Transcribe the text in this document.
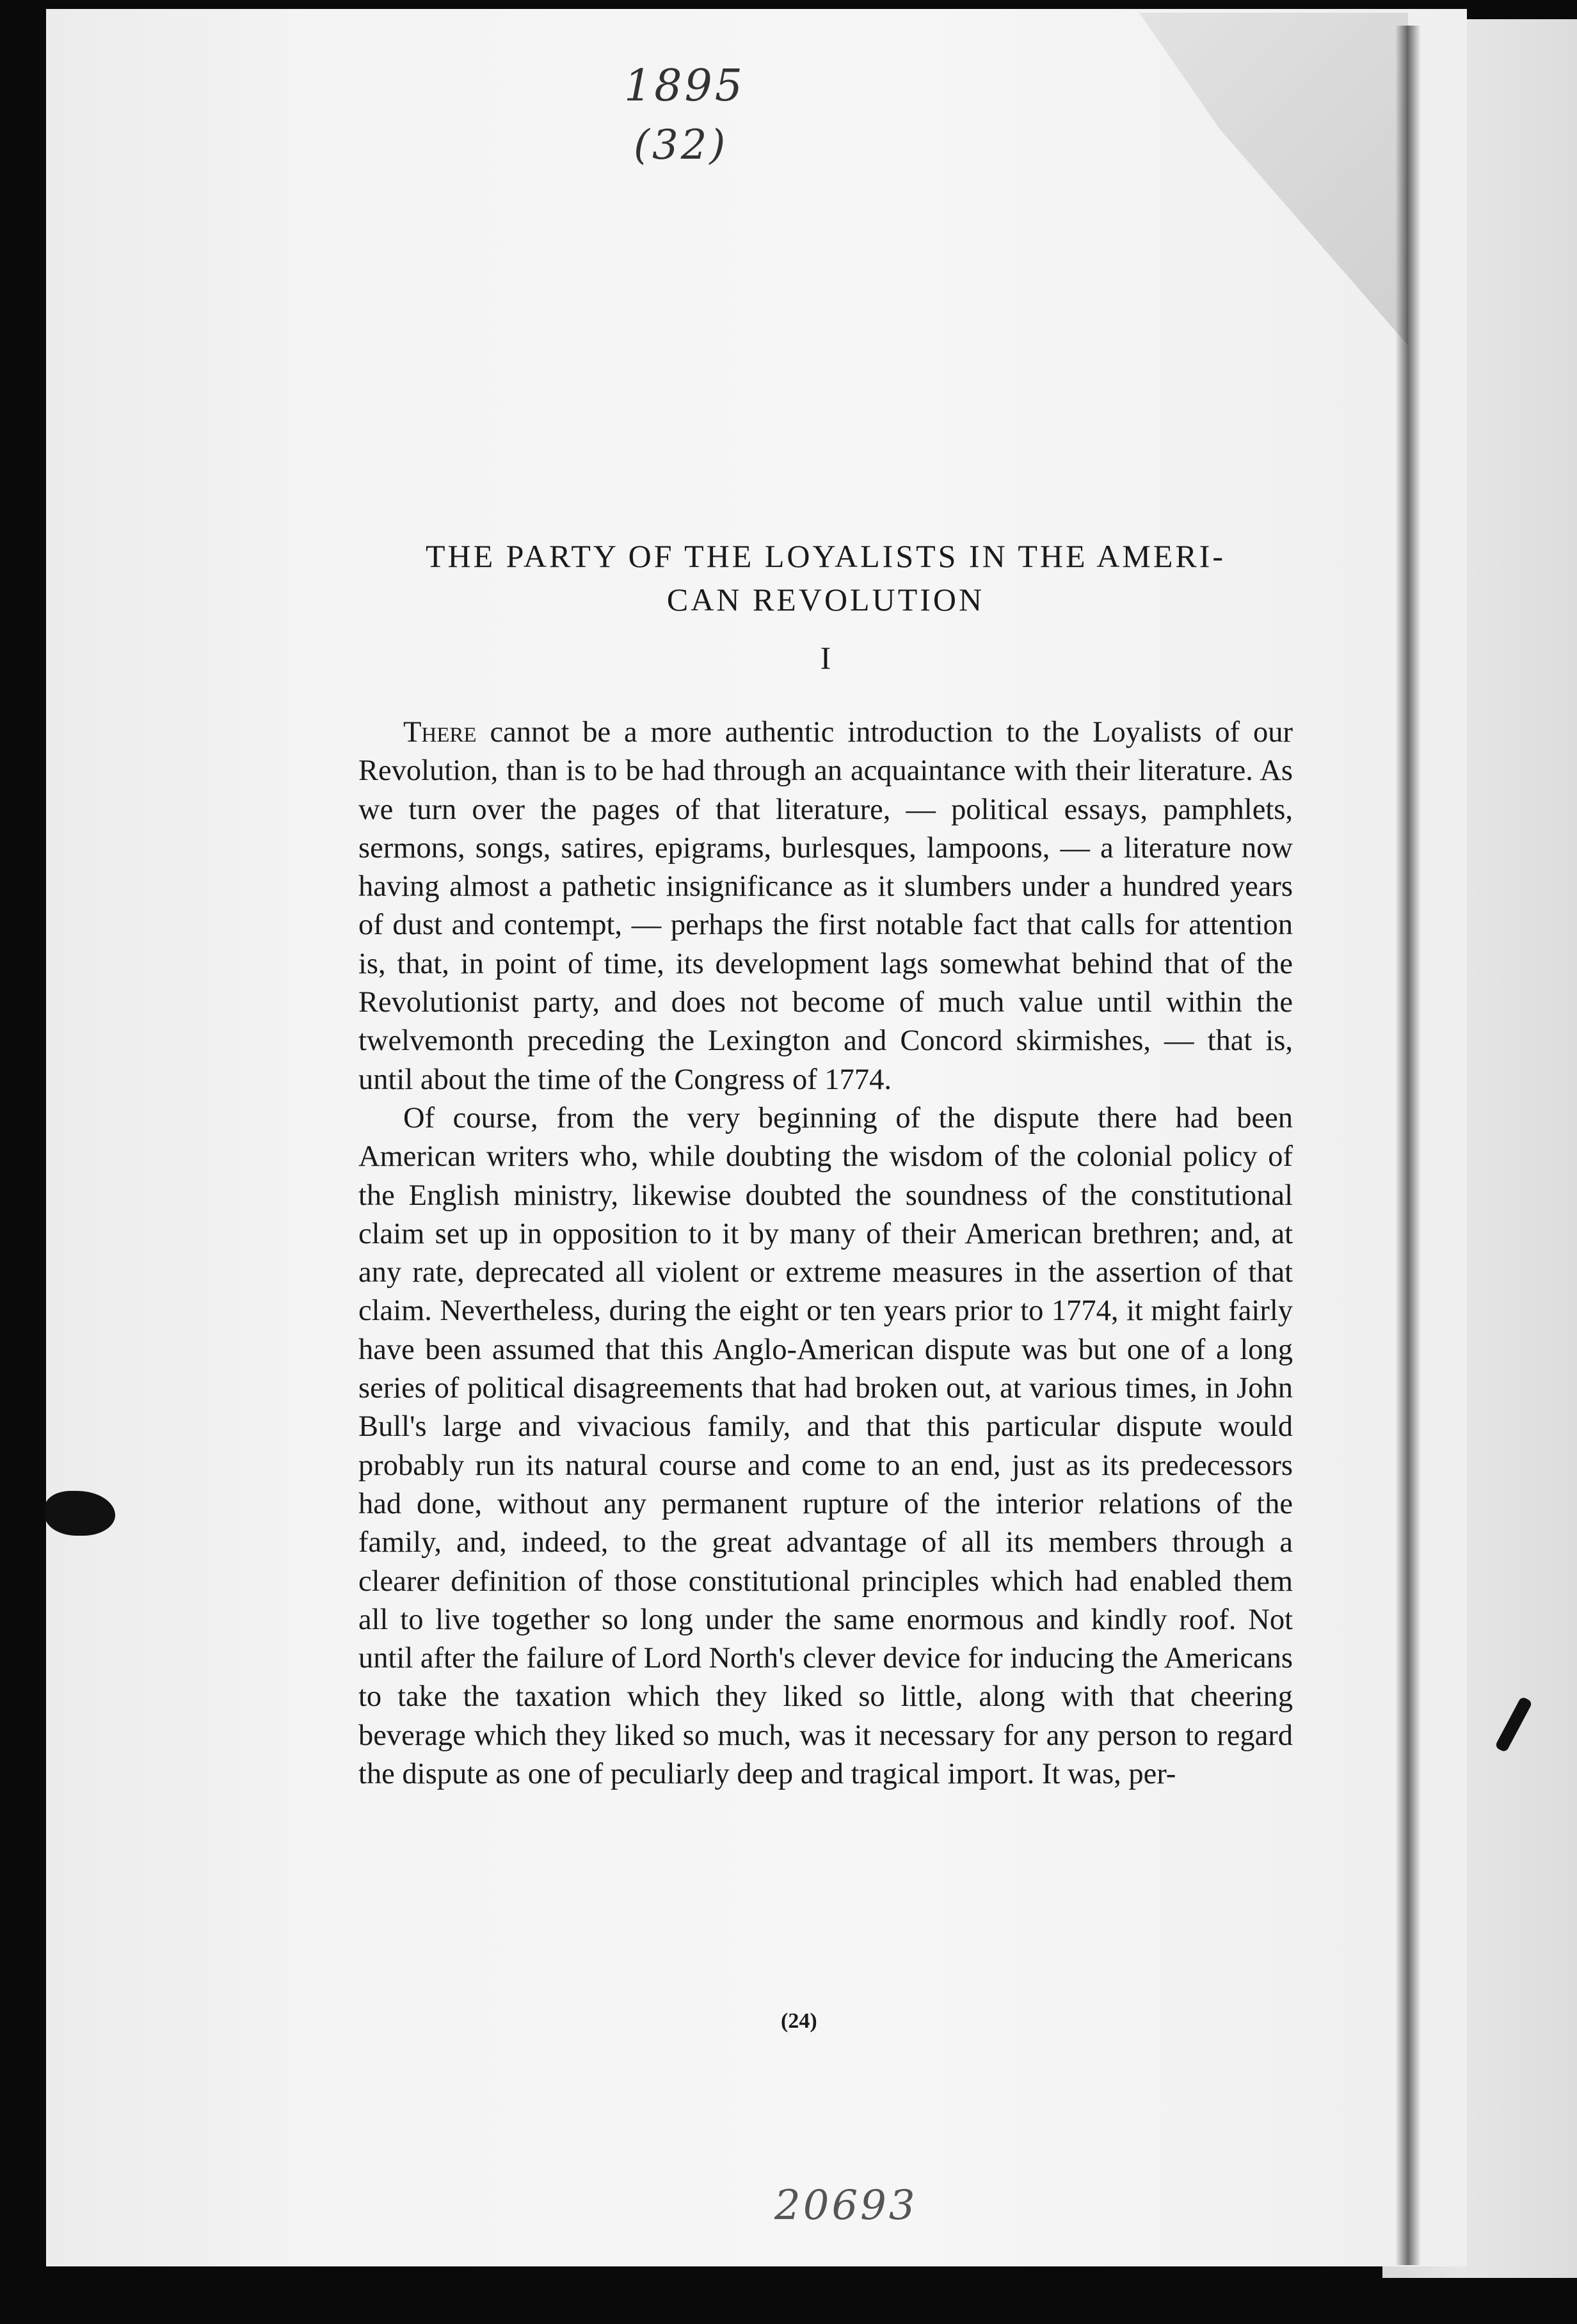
1895
(32)
THE PARTY OF THE LOYALISTS IN THE AMERI-
CAN REVOLUTION
I

There cannot be a more authentic introduction to the Loyalists of our Revolution, than is to be had through an acquaintance with their literature. As we turn over the pages of that literature, — political essays, pamphlets, sermons, songs, satires, epigrams, burlesques, lampoons, — a literature now having almost a pathetic insignificance as it slumbers under a hundred years of dust and contempt, — perhaps the first notable fact that calls for attention is, that, in point of time, its development lags somewhat behind that of the Revolutionist party, and does not become of much value until within the twelvemonth preceding the Lexington and Concord skirmishes, — that is, until about the time of the Congress of 1774.

Of course, from the very beginning of the dispute there had been American writers who, while doubting the wisdom of the colonial policy of the English ministry, likewise doubted the soundness of the constitutional claim set up in opposition to it by many of their American brethren; and, at any rate, deprecated all violent or extreme measures in the assertion of that claim. Nevertheless, during the eight or ten years prior to 1774, it might fairly have been assumed that this Anglo-American dispute was but one of a long series of political disagreements that had broken out, at various times, in John Bull's large and vivacious family, and that this particular dispute would probably run its natural course and come to an end, just as its predecessors had done, without any permanent rupture of the interior relations of the family, and, indeed, to the great advantage of all its members through a clearer definition of those constitutional principles which had enabled them all to live together so long under the same enormous and kindly roof. Not until after the failure of Lord North's clever device for inducing the Americans to take the taxation which they liked so little, along with that cheering beverage which they liked so much, was it necessary for any person to regard the dispute as one of peculiarly deep and tragical import. It was, per-

(24)
20693
